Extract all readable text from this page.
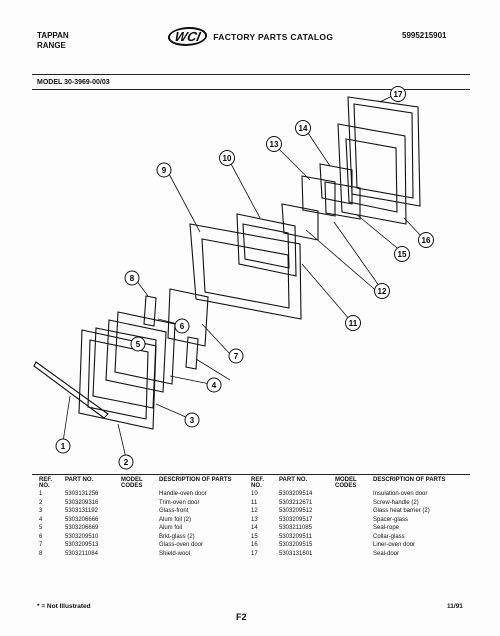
TAPPAN
RANGE
WCI	FACTORY PARTS CATALOG	5995215901
MODEL 30-3969-00/03
1
2
3
4
5
6
7
8
9
10
11
12
13
14
15
16
17
REF. NO.	PART NO.	MODEL CODES	DESCRIPTION OF PARTS	REF. NO.	PART NO.	MODEL CODES	DESCRIPTION OF PARTS
1	5303131256		Handle-oven door	10	5303209514		Insulation-oven door
2	5303209316		Trim-oven door	11	5303212671		Screw-handle (2)
3	5303131192		Glass-front	12	5303209512		Glass heat barrier (2)
4	5303206666		Alum foil (2)	13	5303209517		Spacer-glass
5	5303206669		Alum foil	14	5303211085		Seal-rope
6	5303209510		Brkt-glass (2)	15	5303209511		Collar-glass
7	5303209513		Glass-oven door	16	5303209515		Liner-oven door
8	5303211084		Shield-wool	17	5303131601		Seal-door
* = Not Illustrated
F2
11/91
